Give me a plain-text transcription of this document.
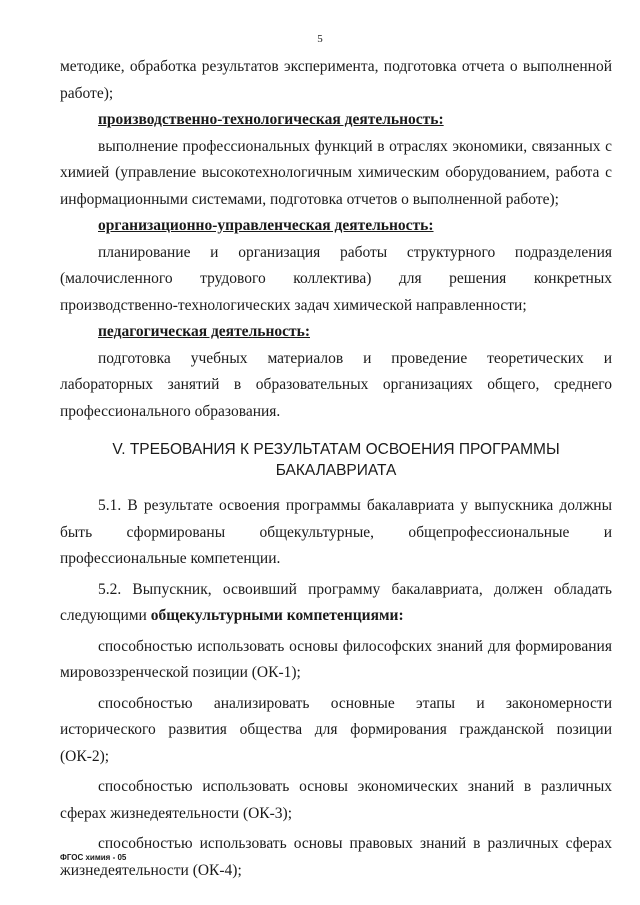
5

методике, обработка результатов эксперимента, подготовка отчета о выполненной работе);

производственно-технологическая деятельность:

выполнение профессиональных функций в отраслях экономики, связанных с химией (управление высокотехнологичным химическим оборудованием, работа с информационными системами, подготовка отчетов о выполненной работе);

организационно-управленческая деятельность:

планирование и организация работы структурного подразделения (малочисленного трудового коллектива) для решения конкретных производственно-технологических задач химической направленности;

педагогическая деятельность:

подготовка учебных материалов и проведение теоретических и лабораторных занятий в образовательных организациях общего, среднего профессионального образования.

V. ТРЕБОВАНИЯ К РЕЗУЛЬТАТАМ ОСВОЕНИЯ ПРОГРАММЫ
БАКАЛАВРИАТА

5.1. В результате освоения программы бакалавриата у выпускника должны быть сформированы общекультурные, общепрофессиональные и профессиональные компетенции.

5.2. Выпускник, освоивший программу бакалавриата, должен обладать следующими общекультурными компетенциями:

способностью использовать основы философских знаний для формирования мировоззренческой позиции (ОК-1);

способностью анализировать основные этапы и закономерности исторического развития общества для формирования гражданской позиции (ОК-2);

способностью использовать основы экономических знаний в различных сферах жизнедеятельности (ОК-3);

способностью использовать основы правовых знаний в различных сферах жизнедеятельности (ОК-4);

ФГОС химия - 05
